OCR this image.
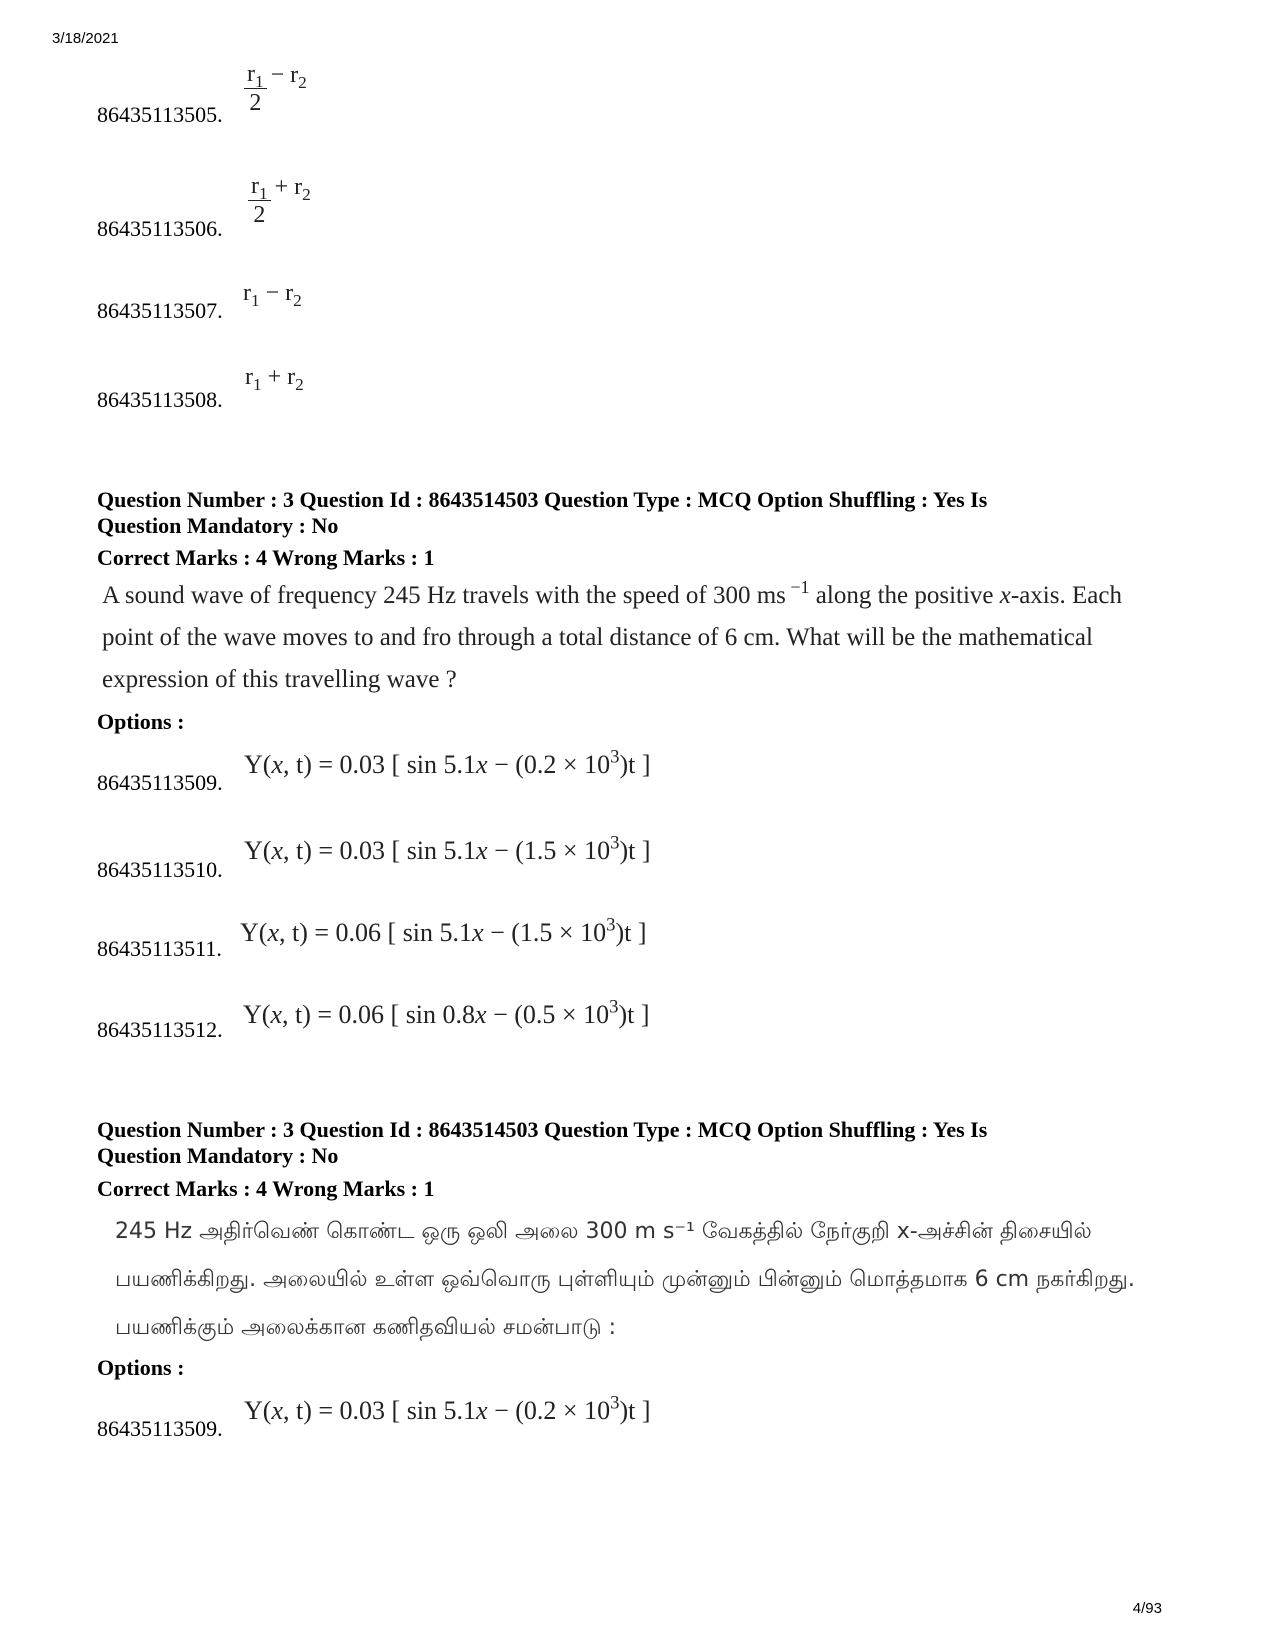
3/18/2021
$\frac{r_1}{2} - r_2$
86435113505.
$\frac{r_1}{2} + r_2$
86435113506.
$r_1 - r_2$
86435113507.
$r_1 + r_2$
86435113508.
Question Number : 3 Question Id : 8643514503 Question Type : MCQ Option Shuffling : Yes Is
Question Mandatory : No
Correct Marks : 4 Wrong Marks : 1
A sound wave of frequency 245 Hz travels with the speed of 300 ms $^{-1}$ along the positive x-axis. Each point of the wave moves to and fro through a total distance of 6 cm. What will be the mathematical expression of this travelling wave ?
Options :
Y(x, t) = 0.03 [ $\sin 5.1x - (0.2 \times 10^3)t$ ]
86435113509.
Y(x, t) = 0.03 [ $\sin 5.1x - (1.5 \times 10^3)t$ ]
86435113510.
Y(x, t) = 0.06 [ $\sin 5.1x - (1.5 \times 10^3)t$ ]
86435113511.
Y(x, t) = 0.06 [ $\sin 0.8x - (0.5 \times 10^3)t$ ]
86435113512.
Question Number : 3 Question Id : 8643514503 Question Type : MCQ Option Shuffling : Yes Is
Question Mandatory : No
Correct Marks : 4 Wrong Marks : 1
245 Hz அதிர்வெண் கொண்ட ஒரு ஒலி அலை 300 m s⁻¹ வேகத்தில் நேர்குறி x-அச்சின் திசையில் பயணிக்கிறது. அலையில் உள்ள ஒவ்வொரு புள்ளியும் முன்னும் பின்னும் மொத்தமாக 6 cm நகர்கிறது. பயணிக்கும் அலைக்கான கணிதவியல் சமன்பாடு :
Options :
Y(x, t) = 0.03 [ $\sin 5.1x - (0.2 \times 10^3)t$ ]
86435113509.
4/93
